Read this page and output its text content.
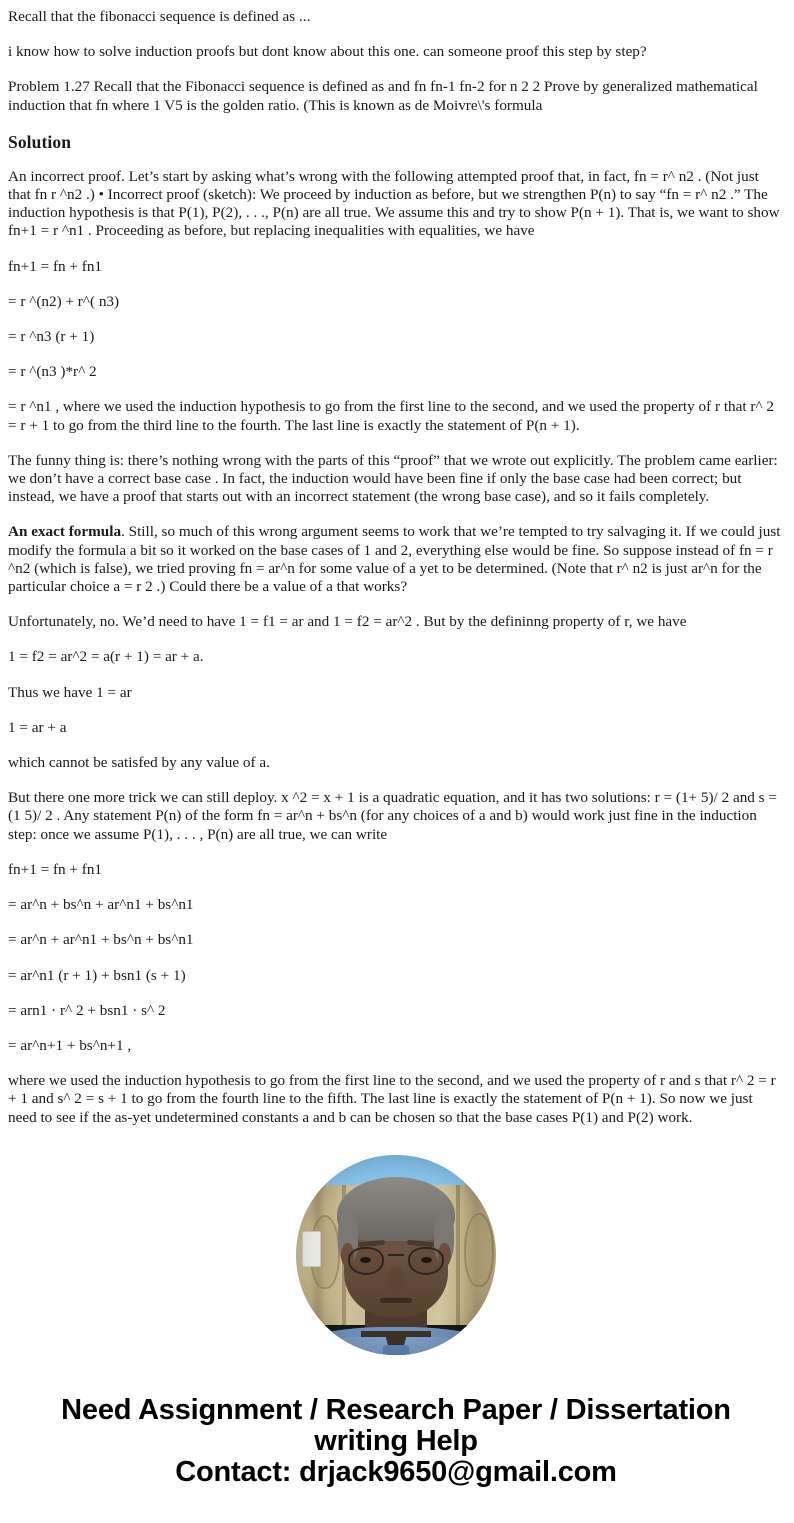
Recall that the fibonacci sequence is defined as ...

i know how to solve induction proofs but dont know about this one. can someone proof this step by step?

Problem 1.27 Recall that the Fibonacci sequence is defined as and fn fn-1 fn-2 for n 2 2 Prove by generalized mathematical induction that fn where 1 V5 is the golden ratio. (This is known as de Moivre\'s formula

Solution

An incorrect proof. Let’s start by asking what’s wrong with the following attempted proof that, in fact, fn = r^ n2 . (Not just that fn r ^n2 .) • Incorrect proof (sketch): We proceed by induction as before, but we strengthen P(n) to say “fn = r^ n2 .” The induction hypothesis is that P(1), P(2), . . ., P(n) are all true. We assume this and try to show P(n + 1). That is, we want to show fn+1 = r ^n1 . Proceeding as before, but replacing inequalities with equalities, we have

fn+1 = fn + fn1

= r ^(n2) + r^( n3)

= r ^n3 (r + 1)

= r ^(n3 )*r^ 2

= r ^n1 , where we used the induction hypothesis to go from the first line to the second, and we used the property of r that r^ 2 = r + 1 to go from the third line to the fourth. The last line is exactly the statement of P(n + 1).

The funny thing is: there’s nothing wrong with the parts of this “proof” that we wrote out explicitly. The problem came earlier: we don’t have a correct base case . In fact, the induction would have been fine if only the base case had been correct; but instead, we have a proof that starts out with an incorrect statement (the wrong base case), and so it fails completely.

An exact formula. Still, so much of this wrong argument seems to work that we’re tempted to try salvaging it. If we could just modify the formula a bit so it worked on the base cases of 1 and 2, everything else would be fine. So suppose instead of fn = r ^n2 (which is false), we tried proving fn = ar^n for some value of a yet to be determined. (Note that r^ n2 is just ar^n for the particular choice a = r 2 .) Could there be a value of a that works?

Unfortunately, no. We’d need to have 1 = f1 = ar and 1 = f2 = ar^2 . But by the defininng property of r, we have

1 = f2 = ar^2 = a(r + 1) = ar + a.

Thus we have 1 = ar

1 = ar + a

which cannot be satisfed by any value of a.

But there one more trick we can still deploy. x ^2 = x + 1 is a quadratic equation, and it has two solutions: r = (1+ 5)/ 2 and s = (1 5)/ 2 . Any statement P(n) of the form fn = ar^n + bs^n (for any choices of a and b) would work just fine in the induction step: once we assume P(1), . . . , P(n) are all true, we can write

fn+1 = fn + fn1

= ar^n + bs^n + ar^n1 + bs^n1

= ar^n + ar^n1 + bs^n + bs^n1

= ar^n1 (r + 1) + bsn1 (s + 1)

= arn1 · r^ 2 + bsn1 · s^ 2

= ar^n+1 + bs^n+1 ,

where we used the induction hypothesis to go from the first line to the second, and we used the property of r and s that r^ 2 = r + 1 and s^ 2 = s + 1 to go from the fourth line to the fifth. The last line is exactly the statement of P(n + 1). So now we just need to see if the as-yet undetermined constants a and b can be chosen so that the base cases P(1) and P(2) work.

Need Assignment / Research Paper / Dissertation
writing Help
Contact: drjack9650@gmail.com
